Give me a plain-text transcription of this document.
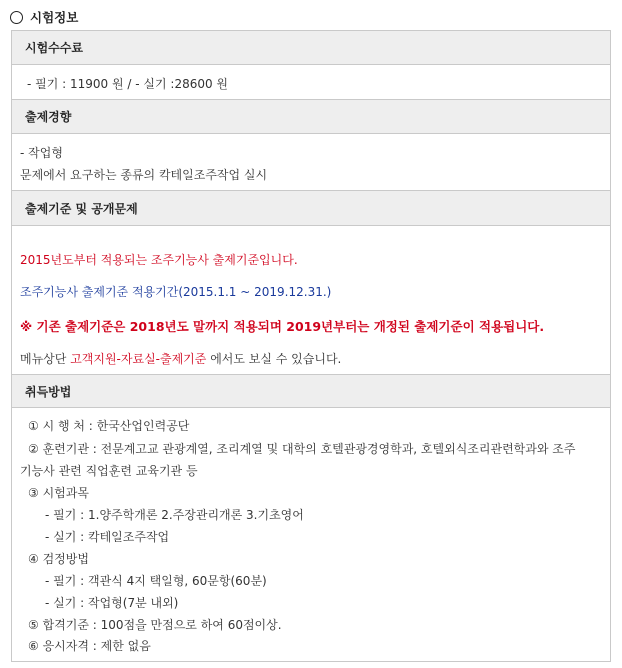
시험정보
시험수수료
- 필기 : 11900 원 / - 실기 :28600 원
출제경향
- 작업형
문제에서 요구하는 종류의 칵테일조주작업 실시
출제기준 및 공개문제
2015년도부터 적용되는 조주기능사 출제기준입니다.
조주기능사 출제기준 적용기간(2015.1.1 ~ 2019.12.31.)
※ 기존 출제기준은 2018년도 말까지 적용되며 2019년부터는 개정된 출제기준이 적용됩니다.
메뉴상단 고객지원-자료실-출제기준 에서도 보실 수 있습니다.
취득방법
① 시 행 처 : 한국산업인력공단
② 훈련기관 : 전문계고교 관광계열, 조리계열 및 대학의 호텔관광경영학과, 호텔외식조리관련학과와 조주
기능사 관련 직업훈련 교육기관 등
③ 시험과목
- 필기 : 1.양주학개론 2.주장관리개론 3.기초영어
- 실기 : 칵테일조주작업
④ 검정방법
- 필기 : 객관식 4지 택일형, 60문항(60분)
- 실기 : 작업형(7분 내외)
⑤ 합격기준 : 100점을 만점으로 하여 60점이상.
⑥ 응시자격 : 제한 없음
